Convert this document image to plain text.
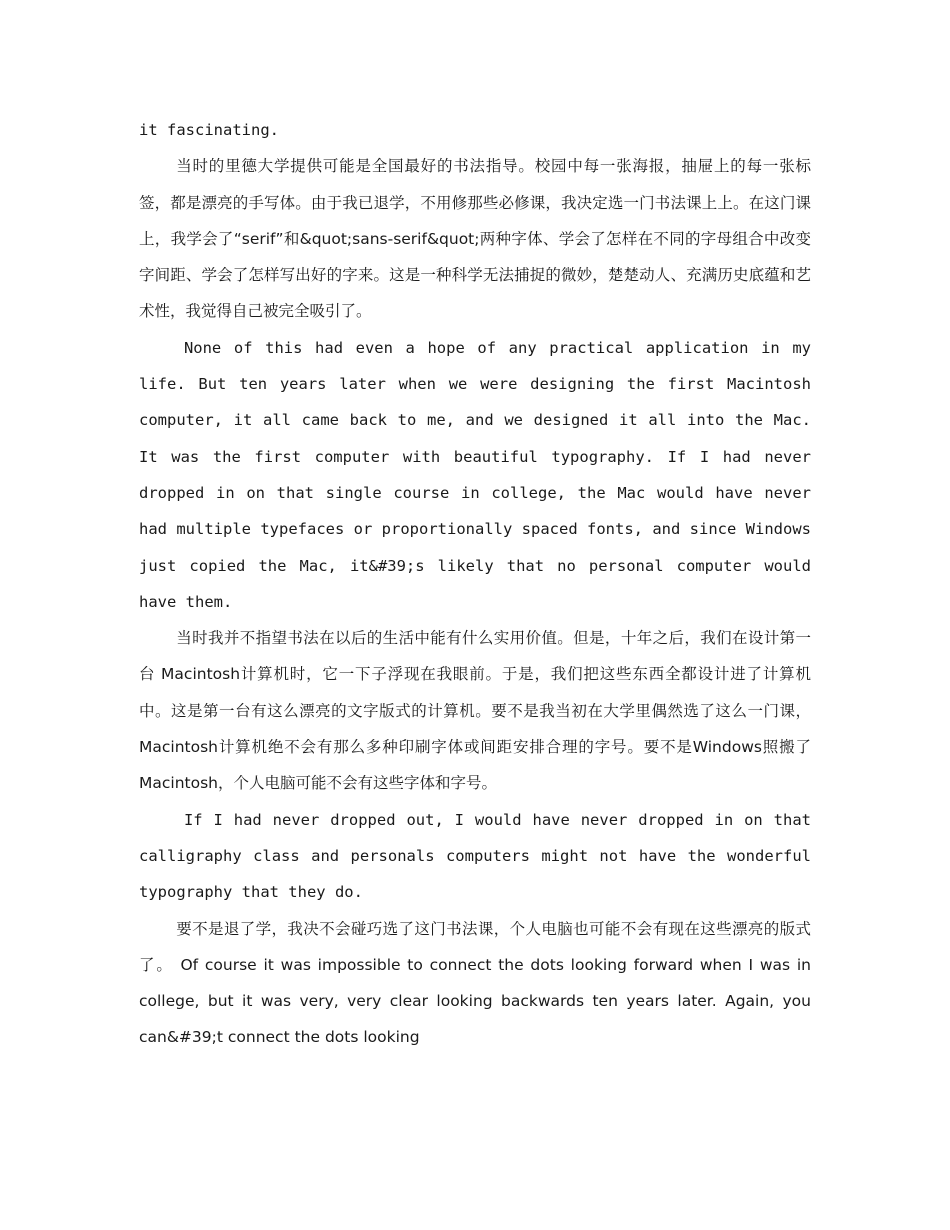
it fascinating.

当时的里德大学提供可能是全国最好的书法指导。校园中每一张海报，抽屉上的每一张标签，都是漂亮的手写体。由于我已退学，不用修那些必修课，我决定选一门书法课上上。在这门课上，我学会了“serif”和&quot;sans-serif&quot;两种字体、学会了怎样在不同的字母组合中改变字间距、学会了怎样写出好的字来。这是一种科学无法捕捉的微妙，楚楚动人、充满历史底蕴和艺术性，我觉得自己被完全吸引了。

None of this had even a hope of any practical application in my life. But ten years later when we were designing the first Macintosh computer, it all came back to me, and we designed it all into the Mac. It was the first computer with beautiful typography. If I had never dropped in on that single course in college, the Mac would have never had multiple typefaces or proportionally spaced fonts, and since Windows just copied the Mac, it&#39;s likely that no personal computer would have them.

当时我并不指望书法在以后的生活中能有什么实用价值。但是，十年之后，我们在设计第一台 Macintosh计算机时，它一下子浮现在我眼前。于是，我们把这些东西全都设计进了计算机中。这是第一台有这么漂亮的文字版式的计算机。要不是我当初在大学里偶然选了这么一门课，Macintosh计算机绝不会有那么多种印刷字体或间距安排合理的字号。要不是Windows照搬了 Macintosh，个人电脑可能不会有这些字体和字号。

If I had never dropped out, I would have never dropped in on that calligraphy class and personals computers might not have the wonderful typography that they do.

要不是退了学，我决不会碰巧选了这门书法课，个人电脑也可能不会有现在这些漂亮的版式了。 Of course it was impossible to connect the dots looking forward when I was in college, but it was very, very clear looking backwards ten years later. Again, you can&#39;t connect the dots looking
